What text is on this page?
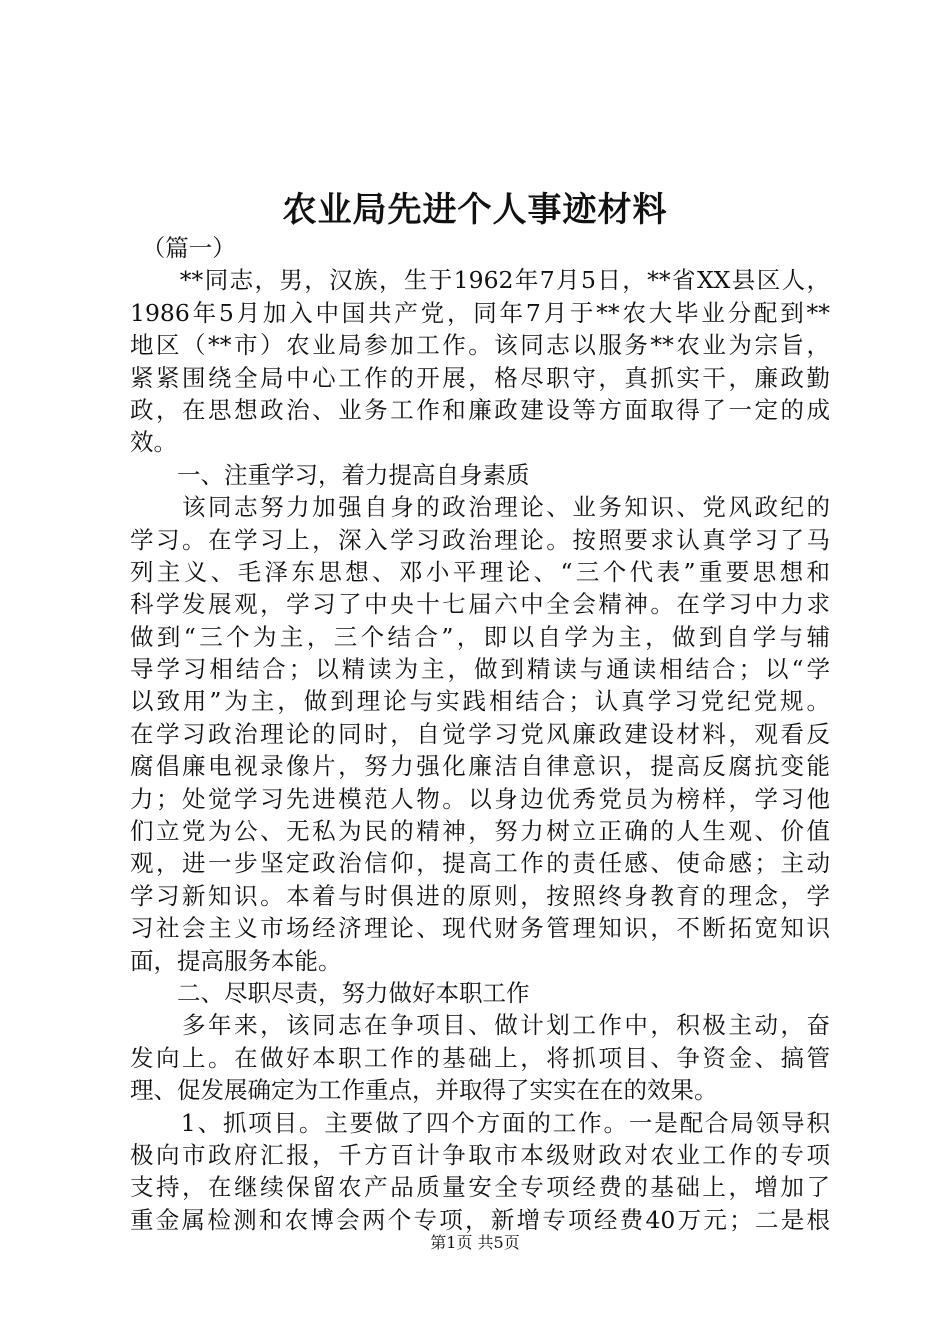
农业局先进个人事迹材料
　（篇一）
　　**同志，男，汉族，生于1962年7月5日，**省XX县区人，
1986年5月加入中国共产党，同年7月于**农大毕业分配到**
地区（**市）农业局参加工作。该同志以服务**农业为宗旨，
紧紧围绕全局中心工作的开展，格尽职守，真抓实干，廉政勤
政，在思想政治、业务工作和廉政建设等方面取得了一定的成
效。
　　一、注重学习，着力提高自身素质
　　该同志努力加强自身的政治理论、业务知识、党风政纪的
学习。在学习上，深入学习政治理论。按照要求认真学习了马
列主义、毛泽东思想、邓小平理论、“三个代表”重要思想和
科学发展观，学习了中央十七届六中全会精神。在学习中力求
做到“三个为主，三个结合”，即以自学为主，做到自学与辅
导学习相结合；以精读为主，做到精读与通读相结合；以“学
以致用”为主，做到理论与实践相结合；认真学习党纪党规。
在学习政治理论的同时，自觉学习党风廉政建设材料，观看反
腐倡廉电视录像片，努力强化廉洁自律意识，提高反腐抗变能
力；处觉学习先进模范人物。以身边优秀党员为榜样，学习他
们立党为公、无私为民的精神，努力树立正确的人生观、价值
观，进一步坚定政治信仰，提高工作的责任感、使命感；主动
学习新知识。本着与时俱进的原则，按照终身教育的理念，学
习社会主义市场经济理论、现代财务管理知识，不断拓宽知识
面，提高服务本能。
　　二、尽职尽责，努力做好本职工作
　　多年来，该同志在争项目、做计划工作中，积极主动，奋
发向上。在做好本职工作的基础上，将抓项目、争资金、搞管
理、促发展确定为工作重点，并取得了实实在在的效果。
　　1、抓项目。主要做了四个方面的工作。一是配合局领导积
极向市政府汇报，千方百计争取市本级财政对农业工作的专项
支持，在继续保留农产品质量安全专项经费的基础上，增加了
重金属检测和农博会两个专项，新增专项经费40万元；二是根
第1页 共5页
